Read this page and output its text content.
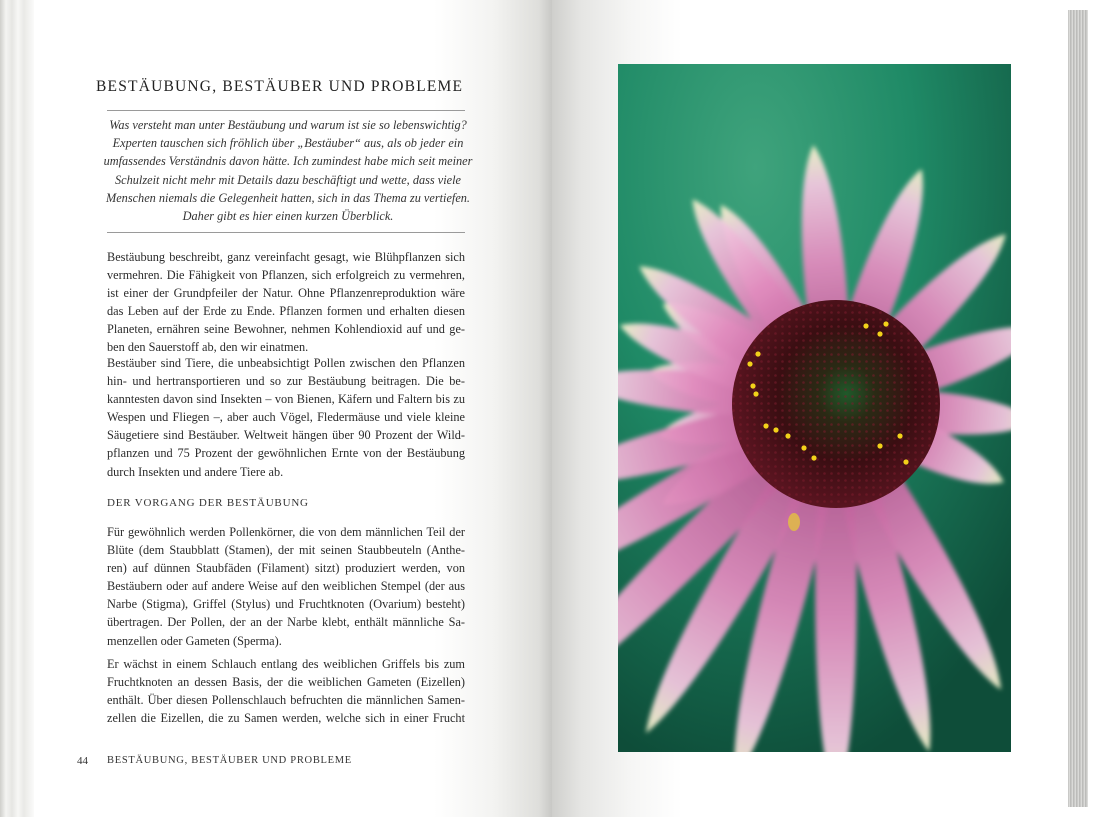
BESTÄUBUNG, BESTÄUBER UND PROBLEME

Was versteht man unter Bestäubung und warum ist sie so lebenswichtig?
Experten tauschen sich fröhlich über „Bestäuber“ aus, als ob jeder ein
umfassendes Verständnis davon hätte. Ich zumindest habe mich seit meiner
Schulzeit nicht mehr mit Details dazu beschäftigt und wette, dass viele
Menschen niemals die Gelegenheit hatten, sich in das Thema zu vertiefen.
Daher gibt es hier einen kurzen Überblick.

Bestäubung beschreibt, ganz vereinfacht gesagt, wie Blühpflanzen sich
vermehren. Die Fähigkeit von Pflanzen, sich erfolgreich zu vermehren,
ist einer der Grundpfeiler der Natur. Ohne Pflanzenreproduktion wäre
das Leben auf der Erde zu Ende. Pflanzen formen und erhalten diesen
Planeten, ernähren seine Bewohner, nehmen Kohlendioxid auf und ge-
ben den Sauerstoff ab, den wir einatmen.

Bestäuber sind Tiere, die unbeabsichtigt Pollen zwischen den Pflanzen
hin- und hertransportieren und so zur Bestäubung beitragen. Die be-
kanntesten davon sind Insekten – von Bienen, Käfern und Faltern bis zu
Wespen und Fliegen –, aber auch Vögel, Fledermäuse und viele kleine
Säugetiere sind Bestäuber. Weltweit hängen über 90 Prozent der Wild-
pflanzen und 75 Prozent der gewöhnlichen Ernte von der Bestäubung
durch Insekten und andere Tiere ab.

DER VORGANG DER BESTÄUBUNG

Für gewöhnlich werden Pollenkörner, die von dem männlichen Teil der
Blüte (dem Staubblatt (Stamen), der mit seinen Staubbeuteln (Anthe-
ren) auf dünnen Staubfäden (Filament) sitzt) produziert werden, von
Bestäubern oder auf andere Weise auf den weiblichen Stempel (der aus
Narbe (Stigma), Griffel (Stylus) und Fruchtknoten (Ovarium) besteht)
übertragen. Der Pollen, der an der Narbe klebt, enthält männliche Sa-
menzellen oder Gameten (Sperma).

Er wächst in einem Schlauch entlang des weiblichen Griffels bis zum
Fruchtknoten an dessen Basis, der die weiblichen Gameten (Eizellen)
enthält. Über diesen Pollenschlauch befruchten die männlichen Samen-
zellen die Eizellen, die zu Samen werden, welche sich in einer Frucht

44 BESTÄUBUNG, BESTÄUBER UND PROBLEME
